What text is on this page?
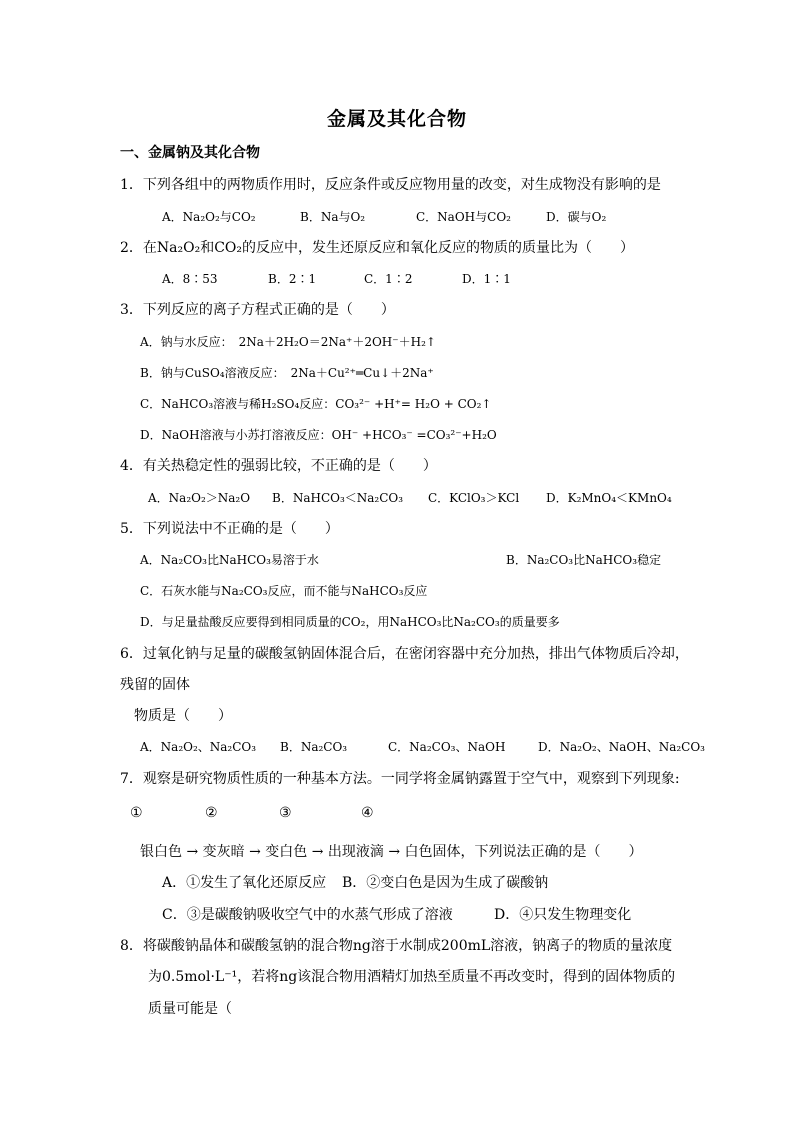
金属及其化合物
一、金属钠及其化合物
1．下列各组中的两物质作用时，反应条件或反应物用量的改变，对生成物没有影响的是
A．Na₂O₂与CO₂	B．Na与O₂	C．NaOH与CO₂	D．碳与O₂
2．在Na₂O₂和CO₂的反应中，发生还原反应和氧化反应的物质的质量比为（　　）
A．8∶53	B．2∶1	C．1∶2	D．1∶1
3．下列反应的离子方程式正确的是（　　）
A．钠与水反应：　2Na＋2H₂O＝2Na⁺＋2OH⁻＋H₂↑
B．钠与CuSO₄溶液反应：　2Na＋Cu²⁺═Cu↓＋2Na⁺
C．NaHCO₃溶液与稀H₂SO₄反应：CO₃²⁻ +H⁺= H₂O + CO₂↑
D．NaOH溶液与小苏打溶液反应：OH⁻ +HCO₃⁻ =CO₃²⁻+H₂O
4．有关热稳定性的强弱比较，不正确的是（　　）
A．Na₂O₂＞Na₂O B．NaHCO₃＜Na₂CO₃ C．KClO₃＞KCl D．K₂MnO₄＜KMnO₄
5．下列说法中不正确的是（　　）
A．Na₂CO₃比NaHCO₃易溶于水	B．Na₂CO₃比NaHCO₃稳定
C．石灰水能与Na₂CO₃反应，而不能与NaHCO₃反应
D．与足量盐酸反应要得到相同质量的CO₂，用NaHCO₃比Na₂CO₃的质量要多
6．过氧化钠与足量的碳酸氢钠固体混合后，在密闭容器中充分加热，排出气体物质后冷却，
残留的固体
物质是（　　）
A．Na₂O₂、Na₂CO₃ B．Na₂CO₃	C．Na₂CO₃、NaOH	D．Na₂O₂、NaOH、Na₂CO₃
7．观察是研究物质性质的一种基本方法。一同学将金属钠露置于空气中，观察到下列现象:
①	②	③	④
银白色 → 变灰暗 → 变白色 → 出现液滴 → 白色固体，下列说法正确的是（　　）
A．①发生了氧化还原反应 B．②变白色是因为生成了碳酸钠
C．③是碳酸钠吸收空气中的水蒸气形成了溶液	D．④只发生物理变化
8．将碳酸钠晶体和碳酸氢钠的混合物ng溶于水制成200mL溶液，钠离子的物质的量浓度
为0.5mol·L⁻¹，若将ng该混合物用酒精灯加热至质量不再改变时，得到的固体物质的
质量可能是（
